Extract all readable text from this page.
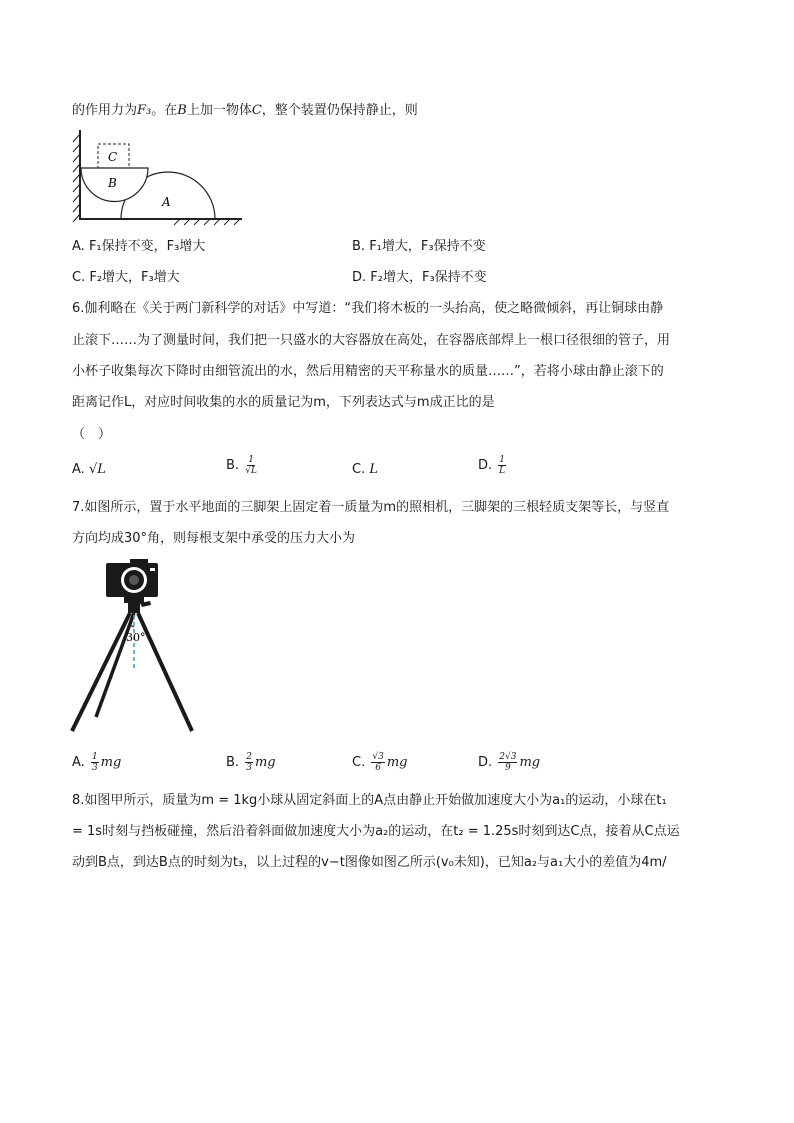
的作用力为F₃。在B上加一物体C，整个装置仍保持静止，则
A
B
C
A. F₁保持不变，F₃增大	B. F₁增大，F₃保持不变
C. F₂增大，F₃增大	D. F₂增大，F₃保持不变
6.伽利略在《关于两门新科学的对话》中写道：“我们将木板的一头抬高，使之略微倾斜，再让铜球由静
止滚下……为了测量时间，我们把一只盛水的大容器放在高处，在容器底部焊上一根口径很细的管子，用
小杯子收集每次下降时由细管流出的水，然后用精密的天平称量水的质量……”，若将小球由静止滚下的
距离记作L，对应时间收集的水的质量记为m，下列表达式与m成正比的是
（　）
A. √L	B. $\frac{1}{√L}$	C. L	D. $\frac{1}{L}$
7.如图所示，置于水平地面的三脚架上固定着一质量为m的照相机，三脚架的三根轻质支架等长，与竖直
方向均成30°角，则每根支架中承受的压力大小为
30°
A. $\frac{1}{3}$ mg	B. $\frac{2}{3}$ mg	C. $\frac{√3}{6}$ mg	D. $\frac{2√3}{9}$ mg
8.如图甲所示，质量为m = 1kg小球从固定斜面上的A点由静止开始做加速度大小为a₁的运动，小球在t₁
= 1s时刻与挡板碰撞，然后沿着斜面做加速度大小为a₂的运动，在t₂ = 1.25s时刻到达C点，接着从C点运
动到B点，到达B点的时刻为t₃，以上过程的v−t图像如图乙所示(v₀未知)，已知a₂与a₁大小的差值为4m/
